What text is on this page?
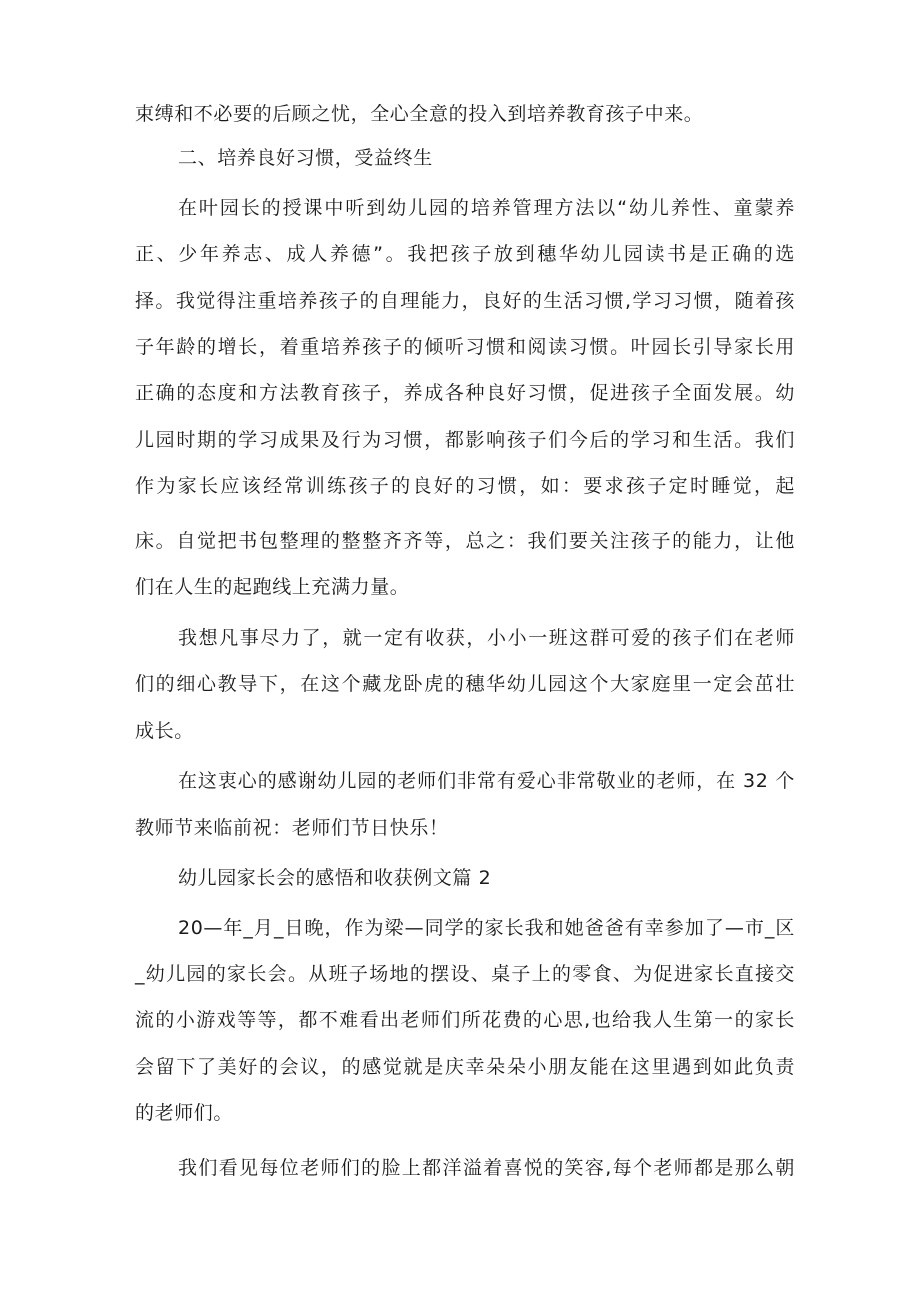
束缚和不必要的后顾之忧，全心全意的投入到培养教育孩子中来。
二、培养良好习惯，受益终生
在叶园长的授课中听到幼儿园的培养管理方法以“幼儿养性、童蒙养
正、少年养志、成人养德”。我把孩子放到穗华幼儿园读书是正确的选
择。我觉得注重培养孩子的自理能力，良好的生活习惯,学习习惯，随着孩
子年龄的增长，着重培养孩子的倾听习惯和阅读习惯。叶园长引导家长用
正确的态度和方法教育孩子，养成各种良好习惯，促进孩子全面发展。幼
儿园时期的学习成果及行为习惯，都影响孩子们今后的学习和生活。我们
作为家长应该经常训练孩子的良好的习惯，如：要求孩子定时睡觉，起
床。自觉把书包整理的整整齐齐等，总之：我们要关注孩子的能力，让他
们在人生的起跑线上充满力量。
我想凡事尽力了，就一定有收获，小小一班这群可爱的孩子们在老师
们的细心教导下，在这个藏龙卧虎的穗华幼儿园这个大家庭里一定会茁壮
成长。
在这衷心的感谢幼儿园的老师们非常有爱心非常敬业的老师，在 32 个
教师节来临前祝：老师们节日快乐！
幼儿园家长会的感悟和收获例文篇 2
20—年_月_日晚，作为梁—同学的家长我和她爸爸有幸参加了—市_区
_幼儿园的家长会。从班子场地的摆设、桌子上的零食、为促进家长直接交
流的小游戏等等，都不难看出老师们所花费的心思,也给我人生第一的家长
会留下了美好的会议，的感觉就是庆幸朵朵小朋友能在这里遇到如此负责
的老师们。
我们看见每位老师们的脸上都洋溢着喜悦的笑容,每个老师都是那么朝
